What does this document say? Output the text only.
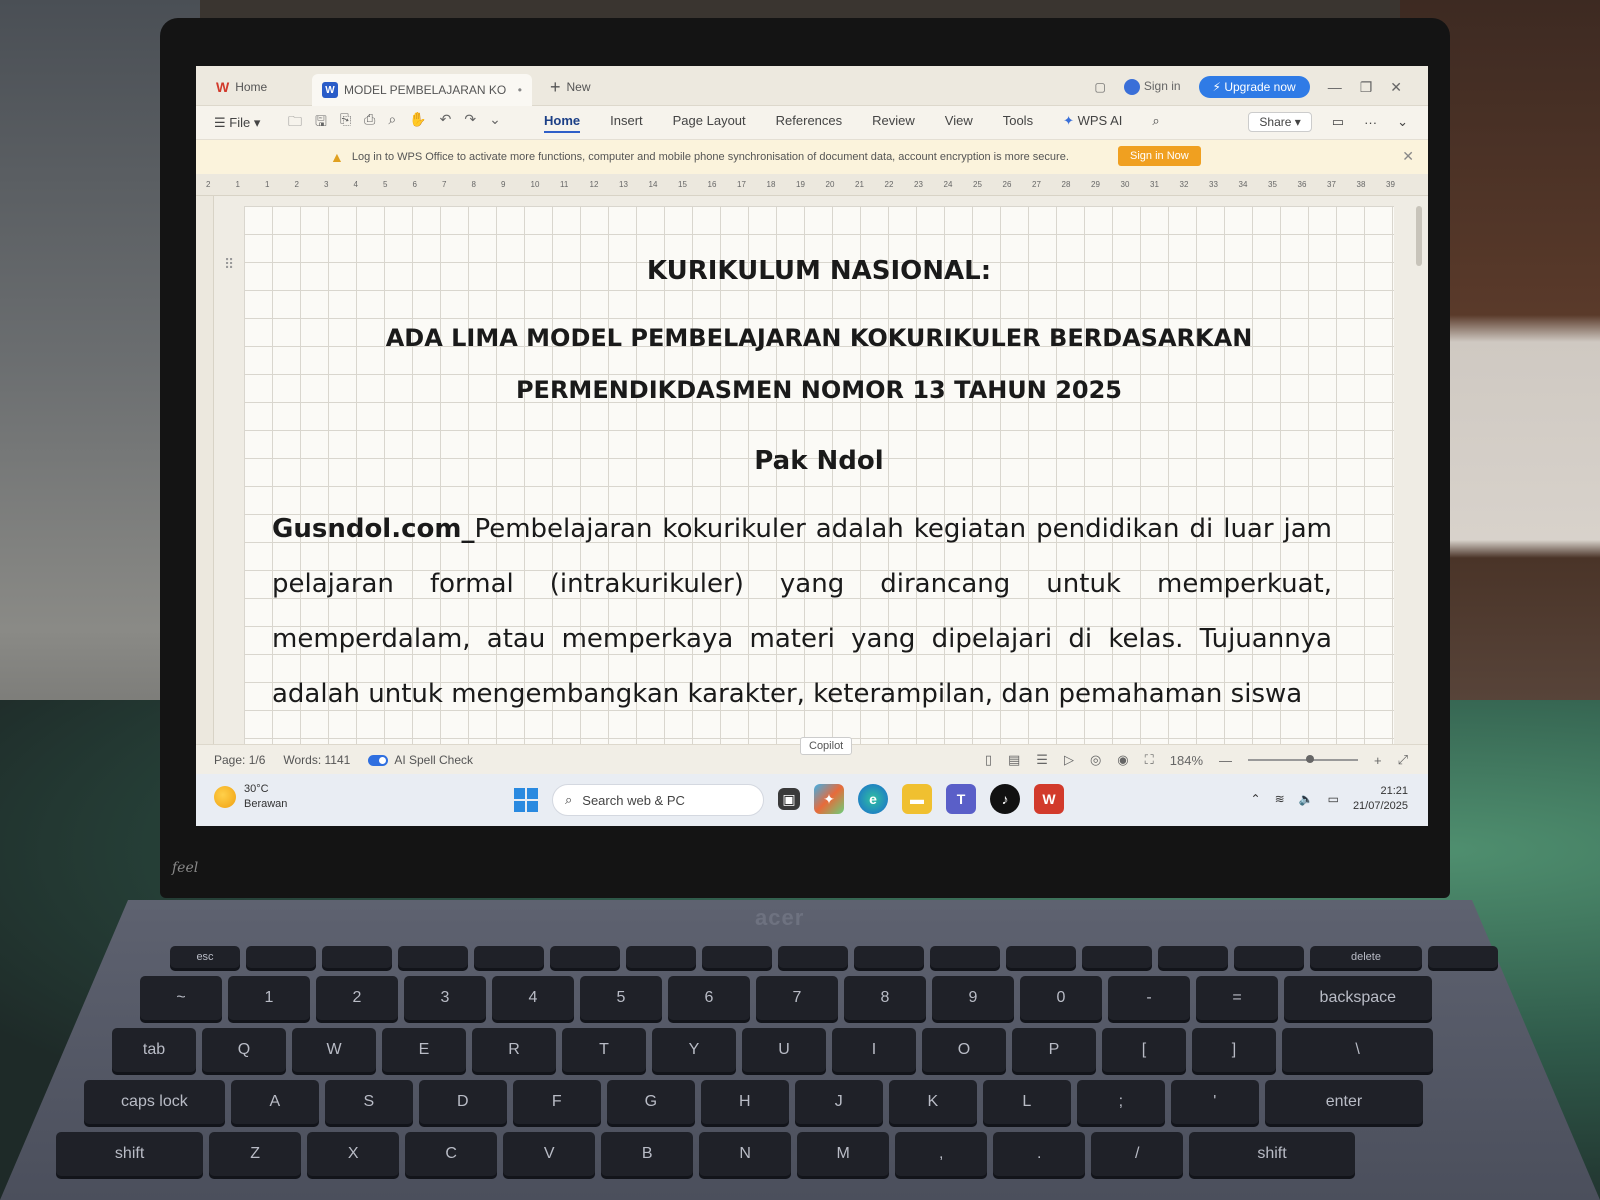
feel
W Home	W MODEL PEMBELAJARAN KO • + New	▢	Sign in	⚡ Upgrade now	— ❐ ✕
☰ File ▾	🗀 🖫 ⎘ ⎙ ⌕ ✋ ↶ ↷ ⌄	Home Insert Page Layout References Review View Tools ✦ WPS AI ⌕	Share ▾	▭ ··· ⌄
▲ Log in to WPS Office to activate more functions, computer and mobile phone synchronisation of document data, account encryption is more secure.	Sign in Now	✕
2	1	1	2	3	4	5	6	7	8	9	10	11	12	13	14	15	16	17	18	19	20	21	22	23	24	25	26	27	28	29	30	31	32	33	34	35	36	37	38	39
⠿	KURIKULUM NASIONAL:
ADA LIMA MODEL PEMBELAJARAN KOKURIKULER BERDASARKAN
PERMENDIKDASMEN NOMOR 13 TAHUN 2025
Pak Ndol
Gusndol.com_Pembelajaran kokurikuler adalah kegiatan pendidikan di luar jam pelajaran formal (intrakurikuler) yang dirancang untuk memperkuat, memperdalam, atau memperkaya materi yang dipelajari di kelas. Tujuannya adalah untuk mengembangkan karakter, keterampilan, dan pemahaman siswa
Page: 1/6 Words: 1141	AI Spell Check
Copilot
▯ ▤ ☰ ▷ ◎ ◉ ⛶ 184% —	+ ⤢
30°C
Berawan	⌕ Search web & PC	▣	✦	e	▬	T	♪	W	⌃ ≋ 🔈 ▭
21:21
21/07/2025
acer
esc	delete
~	1	2	3	4	5	6	7	8	9	0	-	=	backspace
tab	Q	W	E	R	T	Y	U	I	O	P	[	]	\
caps lock	A	S	D	F	G	H	J	K	L	;	'	enter
shift	Z	X	C	V	B	N	M	,	.	/	shift
